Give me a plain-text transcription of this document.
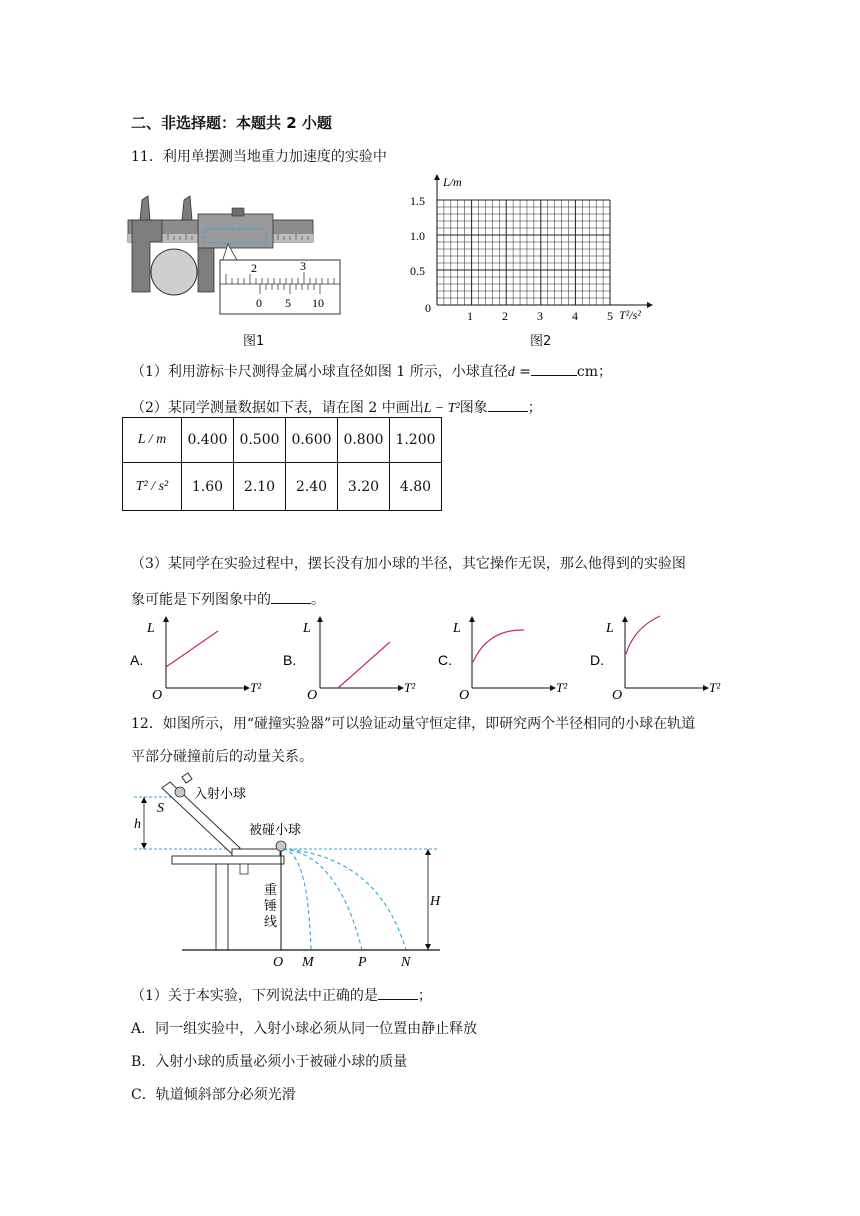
二、非选择题：本题共 2 小题
11．利用单摆测当地重力加速度的实验中
2	3
0 5 10
图1
L/m
T²/s²
1.5
1.0
0.5
0
1 2 3 4 5
图2
（1）利用游标卡尺测得金属小球直径如图 1 所示，小球直径d =	cm；
（2）某同学测量数据如下表，请在图 2 中画出L − T²图象	；
L / m	0.400	0.500	0.600	0.800	1.200
T² / s²	1.60	2.10	2.40	3.20	4.80
（3）某同学在实验过程中，摆长没有加小球的半径，其它操作无误，那么他得到的实验图
象可能是下列图象中的	。
A.
L
O
T²
B.
L
O
T²
C.
L
O
T²
D.
L
O
T²
12．如图所示，用“碰撞实验器”可以验证动量守恒定律，即研究两个半径相同的小球在轨道
平部分碰撞前后的动量关系。
h
S
入射小球
被碰小球
重
锤
线
H
O M	P N
（1）关于本实验，下列说法中正确的是	；
A．同一组实验中，入射小球必须从同一位置由静止释放
B．入射小球的质量必须小于被碰小球的质量
C．轨道倾斜部分必须光滑
